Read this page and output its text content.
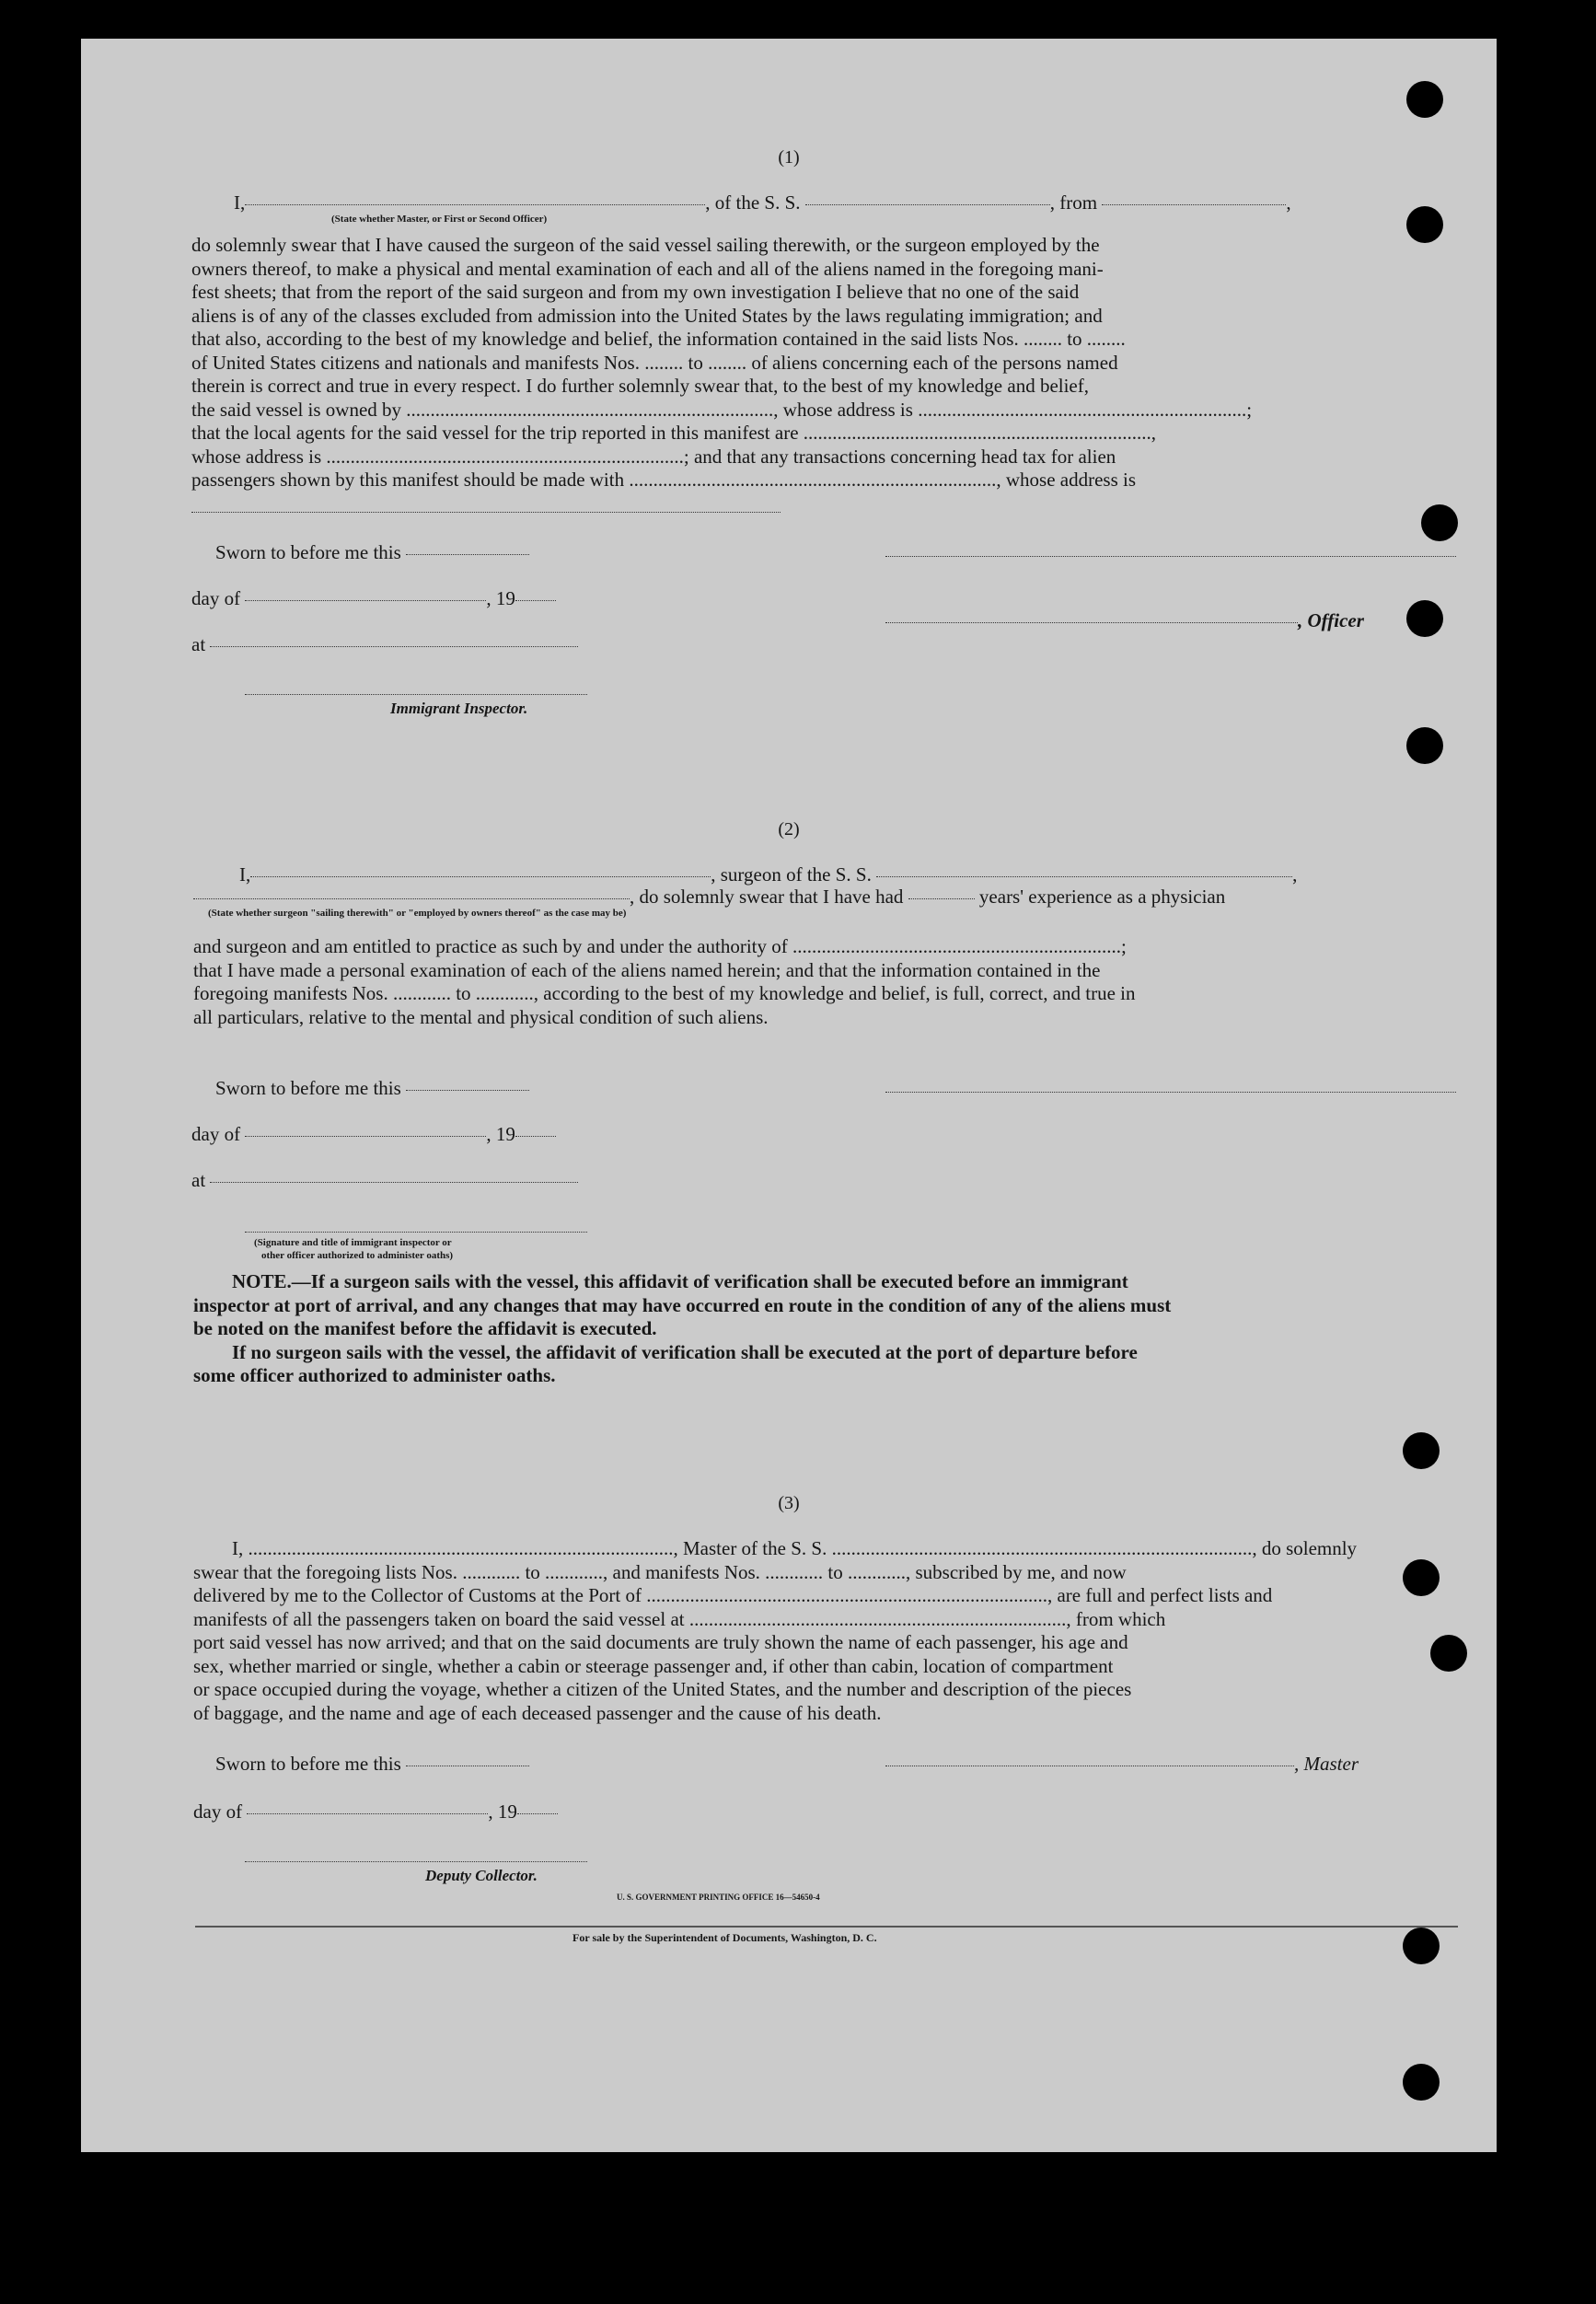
(1)
I,	, of the S. S.	, from	,
(State whether Master, or First or Second Officer)
do solemnly swear that I have caused the surgeon of the said vessel sailing therewith, or the surgeon employed by the
owners thereof, to make a physical and mental examination of each and all of the aliens named in the foregoing mani-
fest sheets; that from the report of the said surgeon and from my own investigation I believe that no one of the said
aliens is of any of the classes excluded from admission into the United States by the laws regulating immigration; and
that also, according to the best of my knowledge and belief, the information contained in the said lists Nos. ........ to ........
of United States citizens and nationals and manifests Nos. ........ to ........ of aliens concerning each of the persons named
therein is correct and true in every respect. I do further solemnly swear that, to the best of my knowledge and belief,
the said vessel is owned by ............................................................................, whose address is ....................................................................;
that the local agents for the said vessel for the trip reported in this manifest are ........................................................................,
whose address is ..........................................................................; and that any transactions concerning head tax for alien
passengers shown by this manifest should be made with ............................................................................, whose address is
Sworn to before me this
day of	, 19
, Officer
at
Immigrant Inspector.
(2)
I,	, surgeon of the S. S.	,
, do solemnly swear that I have had	years' experience as a physician
(State whether surgeon "sailing therewith" or "employed by owners thereof" as the case may be)
and surgeon and am entitled to practice as such by and under the authority of ....................................................................;
that I have made a personal examination of each of the aliens named herein; and that the information contained in the
foregoing manifests Nos. ............ to ............, according to the best of my knowledge and belief, is full, correct, and true in
all particulars, relative to the mental and physical condition of such aliens.
Sworn to before me this
day of	, 19
at
(Signature and title of immigrant inspector or
other officer authorized to administer oaths)
NOTE.—If a surgeon sails with the vessel, this affidavit of verification shall be executed before an immigrant
inspector at port of arrival, and any changes that may have occurred en route in the condition of any of the aliens must
be noted on the manifest before the affidavit is executed.
If no surgeon sails with the vessel, the affidavit of verification shall be executed at the port of departure before
some officer authorized to administer oaths.
(3)
I, ........................................................................................, Master of the S. S. ......................................................................................., do solemnly
swear that the foregoing lists Nos. ............ to ............, and manifests Nos. ............ to ............, subscribed by me, and now
delivered by me to the Collector of Customs at the Port of ..................................................................................., are full and perfect lists and
manifests of all the passengers taken on board the said vessel at .............................................................................., from which
port said vessel has now arrived; and that on the said documents are truly shown the name of each passenger, his age and
sex, whether married or single, whether a cabin or steerage passenger and, if other than cabin, location of compartment
or space occupied during the voyage, whether a citizen of the United States, and the number and description of the pieces
of baggage, and the name and age of each deceased passenger and the cause of his death.
Sworn to before me this	, Master
day of	, 19
Deputy Collector.
U. S. GOVERNMENT PRINTING OFFICE 16—54650-4
For sale by the Superintendent of Documents, Washington, D. C.
